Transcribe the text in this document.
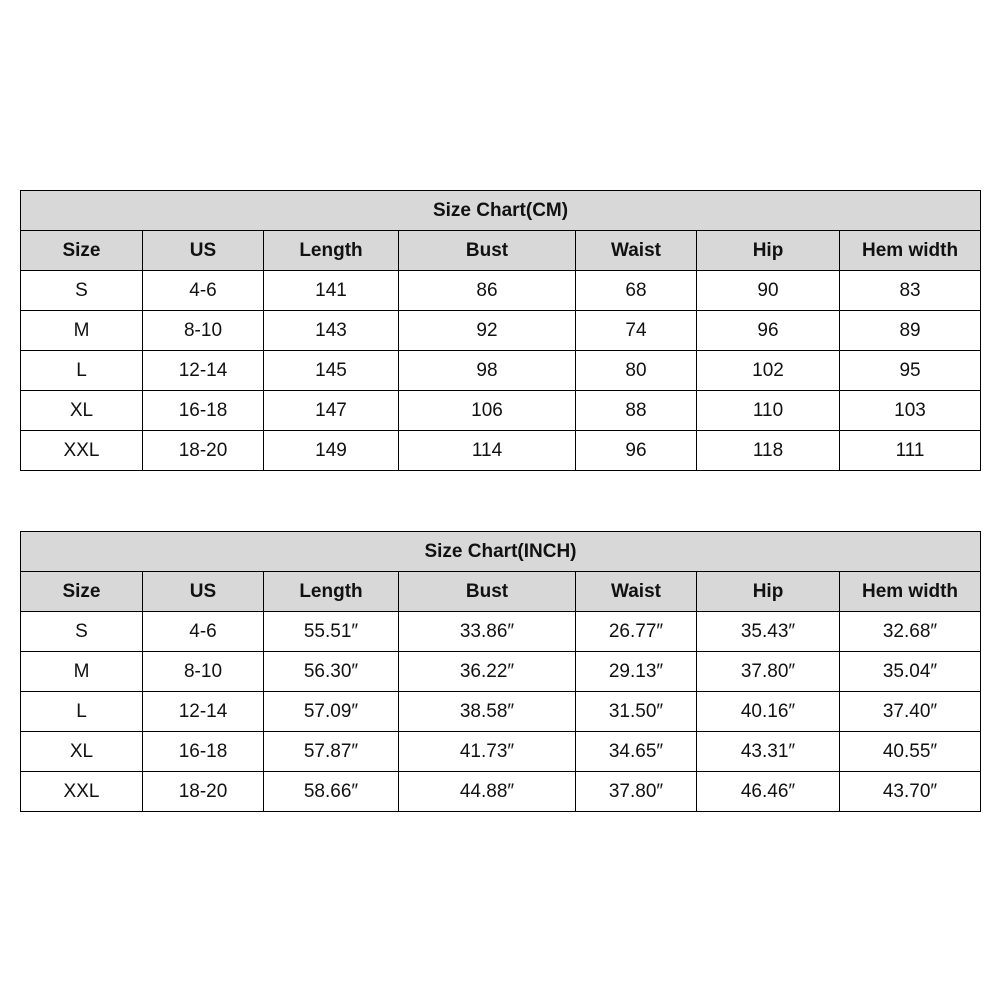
Size Chart(CM)						
Size	US	Length	Bust	Waist	Hip	Hem width
S	4-6	141	86	68	90	83
M	8-10	143	92	74	96	89
L	12-14	145	98	80	102	95
XL	16-18	147	106	88	110	103
XXL	18-20	149	114	96	118	111
Size Chart(INCH)						
Size	US	Length	Bust	Waist	Hip	Hem width
S	4-6	55.51″	33.86″	26.77″	35.43″	32.68″
M	8-10	56.30″	36.22″	29.13″	37.80″	35.04″
L	12-14	57.09″	38.58″	31.50″	40.16″	37.40″
XL	16-18	57.87″	41.73″	34.65″	43.31″	40.55″
XXL	18-20	58.66″	44.88″	37.80″	46.46″	43.70″
